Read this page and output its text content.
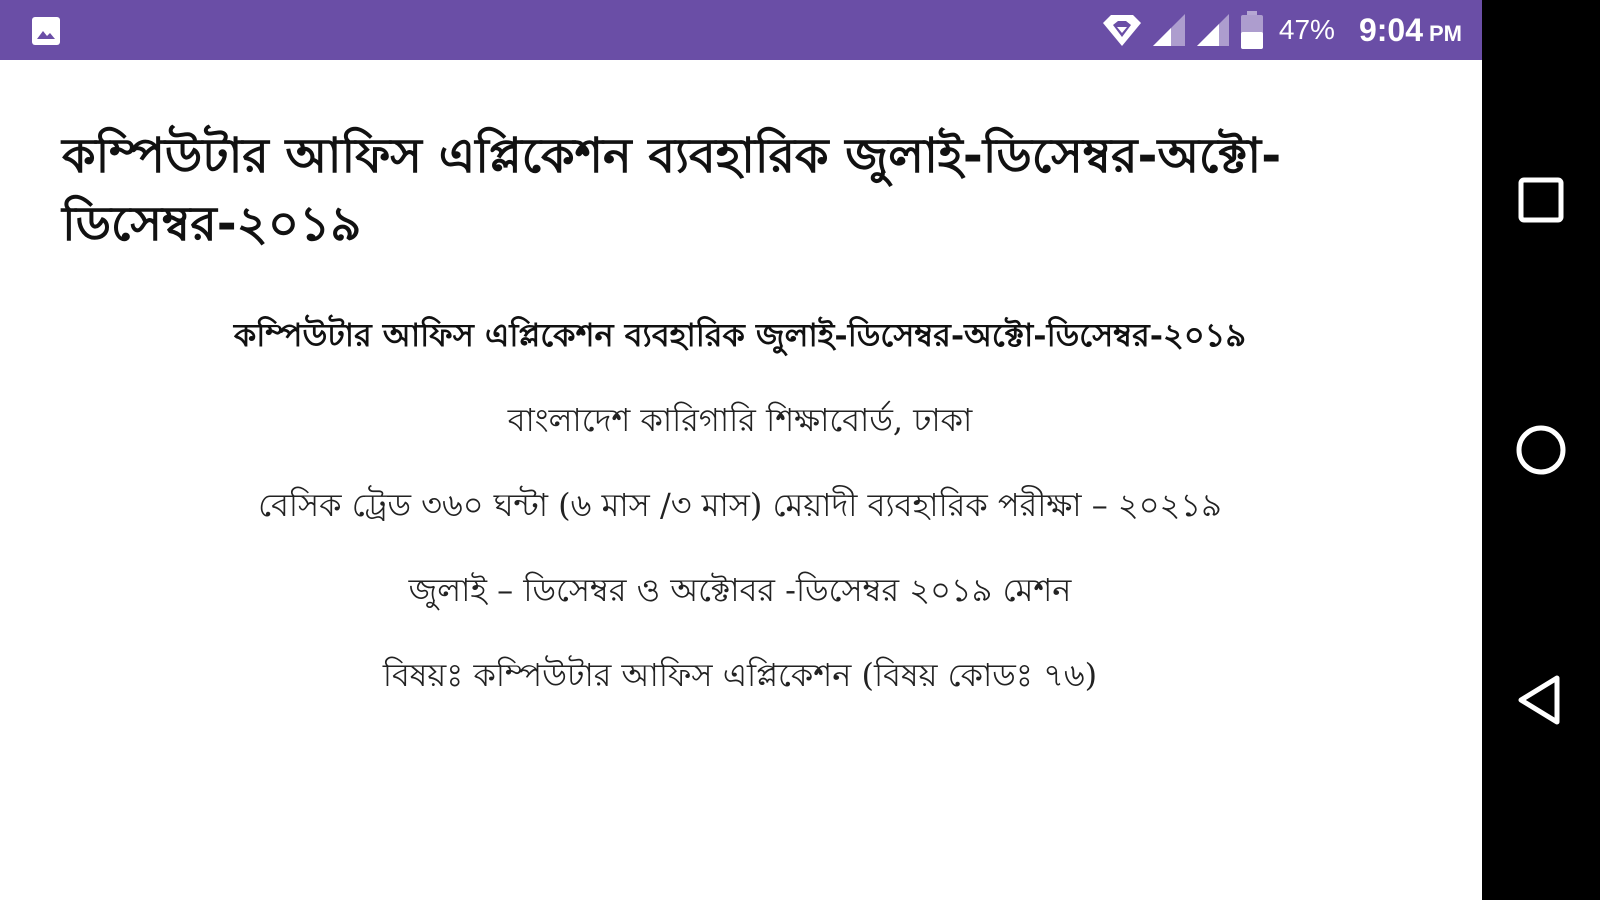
47% 9:04 PM
কম্পিউটার আফিস এপ্লিকেশন ব্যবহারিক জুলাই-ডিসেম্বর-অক্টো-ডিসেম্বর-২০১৯

কম্পিউটার আফিস এপ্লিকেশন ব্যবহারিক জুলাই-ডিসেম্বর-অক্টো-ডিসেম্বর-২০১৯

বাংলাদেশ কারিগারি শিক্ষাবোর্ড, ঢাকা

বেসিক ট্রেড ৩৬০ ঘন্টা (৬ মাস /৩ মাস) মেয়াদী ব্যবহারিক পরীক্ষা – ২০২১৯

জুলাই – ডিসেম্বর ও অক্টোবর -ডিসেম্বর ২০১৯ মেশন

বিষয়ঃ কম্পিউটার আফিস এপ্লিকেশন (বিষয় কোডঃ ৭৬)
